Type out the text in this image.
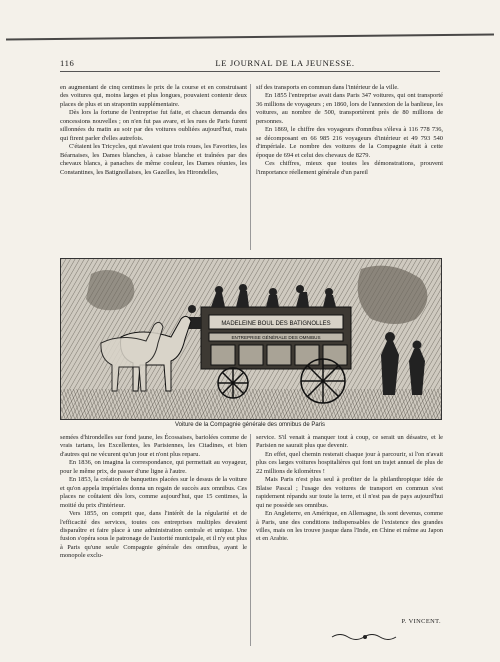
116	LE JOURNAL DE LA JEUNESSE.

en augmentant de cinq centimes le prix de la course et en construisant des voitures qui, moins larges et plus longues, pouvaient contenir deux places de plus et un strapontin supplémentaire.

Dès lors la fortune de l'entreprise fut faite, et chacun demanda des concessions nouvelles ; on n'en fut pas avare, et les rues de Paris furent sillonnées du matin au soir par des voitures oubliées aujourd'hui, mais qui firent parler d'elles autrefois.

C'étaient les Tricycles, qui n'avaient que trois roues, les Favorites, les Béarnaises, les Dames blanches, à caisse blanche et traînées par des chevaux blancs, à panaches de même couleur, les Dames réunies, les Constantines, les Batignollaises, les Gazelles, les Hirondelles,

sif des transports en commun dans l'intérieur de la ville.

En 1855 l'entreprise avait dans Paris 347 voitures, qui ont transporté 36 millions de voyageurs ; en 1860, lors de l'annexion de la banlieue, les voitures, au nombre de 500, transportèrent près de 80 millions de personnes.

En 1869, le chiffre des voyageurs d'omnibus s'éleva à 116 778 736, se décomposant en 66 985 216 voyageurs d'intérieur et 49 793 540 d'impériale. Le nombre des voitures de la Compagnie était à cette époque de 694 et celui des chevaux de 8279.

Ces chiffres, mieux que toutes les démonstrations, prouvent l'importance réellement générale d'un pareil

MADELEINE BOUL DES BATIGNOLLES
ENTREPRISE GÉNÉRALE DES OMNIBUS
Voiture de la Compagnie générale des omnibus de Paris

semées d'hirondelles sur fond jaune, les Écossaises, bariolées comme de vrais tartans, les Excellentes, les Parisiennes, les Citadines, et bien d'autres qui ne vécurent qu'un jour et n'ont plus reparu.

En 1836, on imagina la correspondance, qui permettait au voyageur, pour le même prix, de passer d'une ligne à l'autre.

En 1853, la création de banquettes placées sur le dessus de la voiture et qu'on appela impériales donna un regain de succès aux omnibus. Ces places ne coûtaient dès lors, comme aujourd'hui, que 15 centimes, la moitié du prix d'intérieur.

Vers 1855, on comprit que, dans l'intérêt de la régularité et de l'efficacité des services, toutes ces entreprises multiples devaient disparaître et faire place à une administration centrale et unique. Une fusion s'opéra sous le patronage de l'autorité municipale, et il n'y eut plus à Paris qu'une seule Compagnie générale des omnibus, ayant le monopole exclu-

service. S'il venait à manquer tout à coup, ce serait un désastre, et le Parisien ne saurait plus que devenir.

En effet, quel chemin resterait chaque jour à parcourir, si l'on n'avait plus ces larges voitures hospitalières qui font un trajet annuel de plus de 22 millions de kilomètres !

Mais Paris n'est plus seul à profiter de la philanthropique idée de Blaise Pascal ; l'usage des voitures de transport en commun s'est rapidement répandu sur toute la terre, et il n'est pas de pays aujourd'hui qui ne possède ses omnibus.

En Angleterre, en Amérique, en Allemagne, ils sont devenus, comme à Paris, une des conditions indispensables de l'existence des grandes villes, mais on les trouve jusque dans l'Inde, en Chine et même au Japon et en Arabie.

P. VINCENT.
